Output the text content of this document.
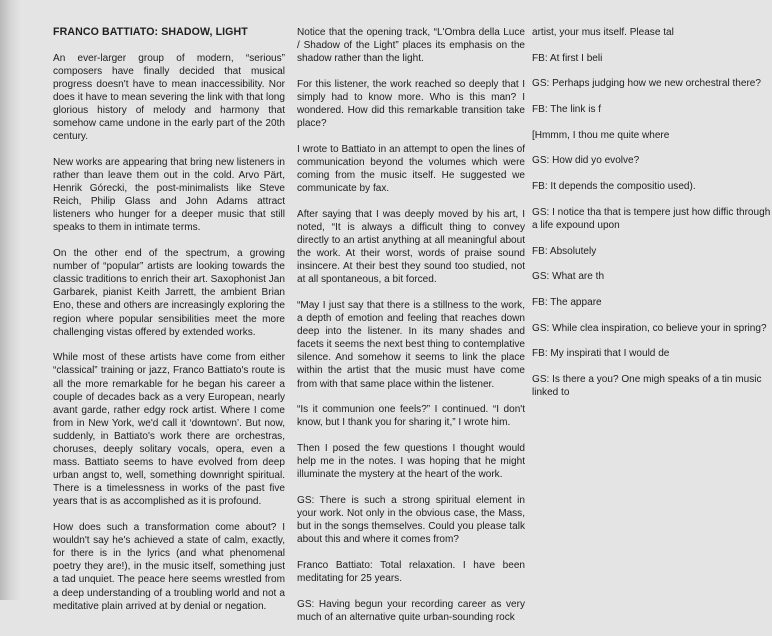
FRANCO BATTIATO: SHADOW, LIGHT

An ever-larger group of modern, “serious” composers have finally decided that musical progress doesn't have to mean inaccessibility. Nor does it have to mean severing the link with that long glorious history of melody and harmony that somehow came undone in the early part of the 20th century.

New works are appearing that bring new listeners in rather than leave them out in the cold. Arvo Pärt, Henrik Górecki, the post-minimalists like Steve Reich, Philip Glass and John Adams attract listeners who hunger for a deeper music that still speaks to them in intimate terms.

On the other end of the spectrum, a growing number of “popular” artists are looking towards the classic traditions to enrich their art. Saxophonist Jan Garbarek, pianist Keith Jarrett, the ambient Brian Eno, these and others are increasingly exploring the region where popular sensibilities meet the more challenging vistas offered by extended works.

While most of these artists have come from either “classical” training or jazz, Franco Battiato's route is all the more remarkable for he began his career a couple of decades back as a very European, nearly avant garde, rather edgy rock artist. Where I come from in New York, we'd call it ‘downtown’. But now, suddenly, in Battiato's work there are orchestras, choruses, deeply solitary vocals, opera, even a mass. Battiato seems to have evolved from deep urban angst to, well, something downright spiritual. There is a timelessness in works of the past five years that is as accomplished as it is profound.

How does such a transformation come about? I wouldn't say he's achieved a state of calm, exactly, for there is in the lyrics (and what phenomenal poetry they are!), in the music itself, something just a tad unquiet. The peace here seems wrestled from a deep understanding of a troubling world and not a meditative plain arrived at by denial or negation.

Notice that the opening track, “L'Ombra della Luce / Shadow of the Light” places its emphasis on the shadow rather than the light.

For this listener, the work reached so deeply that I simply had to know more. Who is this man? I wondered. How did this remarkable transition take place?

I wrote to Battiato in an attempt to open the lines of communication beyond the volumes which were coming from the music itself. He suggested we communicate by fax.

After saying that I was deeply moved by his art, I noted, “It is always a difficult thing to convey directly to an artist anything at all meaningful about the work. At their worst, words of praise sound insincere. At their best they sound too studied, not at all spontaneous, a bit forced.

“May I just say that there is a stillness to the work, a depth of emotion and feeling that reaches down deep into the listener. In its many shades and facets it seems the next best thing to contemplative silence. And somehow it seems to link the place within the artist that the music must have come from with that same place within the listener.

“Is it communion one feels?” I continued. “I don't know, but I thank you for sharing it,” I wrote him.

Then I posed the few questions I thought would help me in the notes. I was hoping that he might illuminate the mystery at the heart of the work.

GS: There is such a strong spiritual element in your work. Not only in the obvious case, the Mass, but in the songs themselves. Could you please talk about this and where it comes from?

Franco Battiato: Total relaxation. I have been meditating for 25 years.

GS: Having begun your recording career as very much of an alternative quite urban-sounding rock

artist, your mus itself. Please tal

FB: At first I beli

GS: Perhaps judging how we new orchestral there?

FB: The link is f

[Hmmm, I thou me quite where

GS: How did yo evolve?

FB: It depends the compositio used).

GS: I notice tha that is tempere just how diffic through a life expound upon

FB: Absolutely

GS: What are th

FB: The appare

GS: While clea inspiration, co believe your in spring?

FB: My inspirati that I would de

GS: Is there a you? One migh speaks of a tin music linked to
